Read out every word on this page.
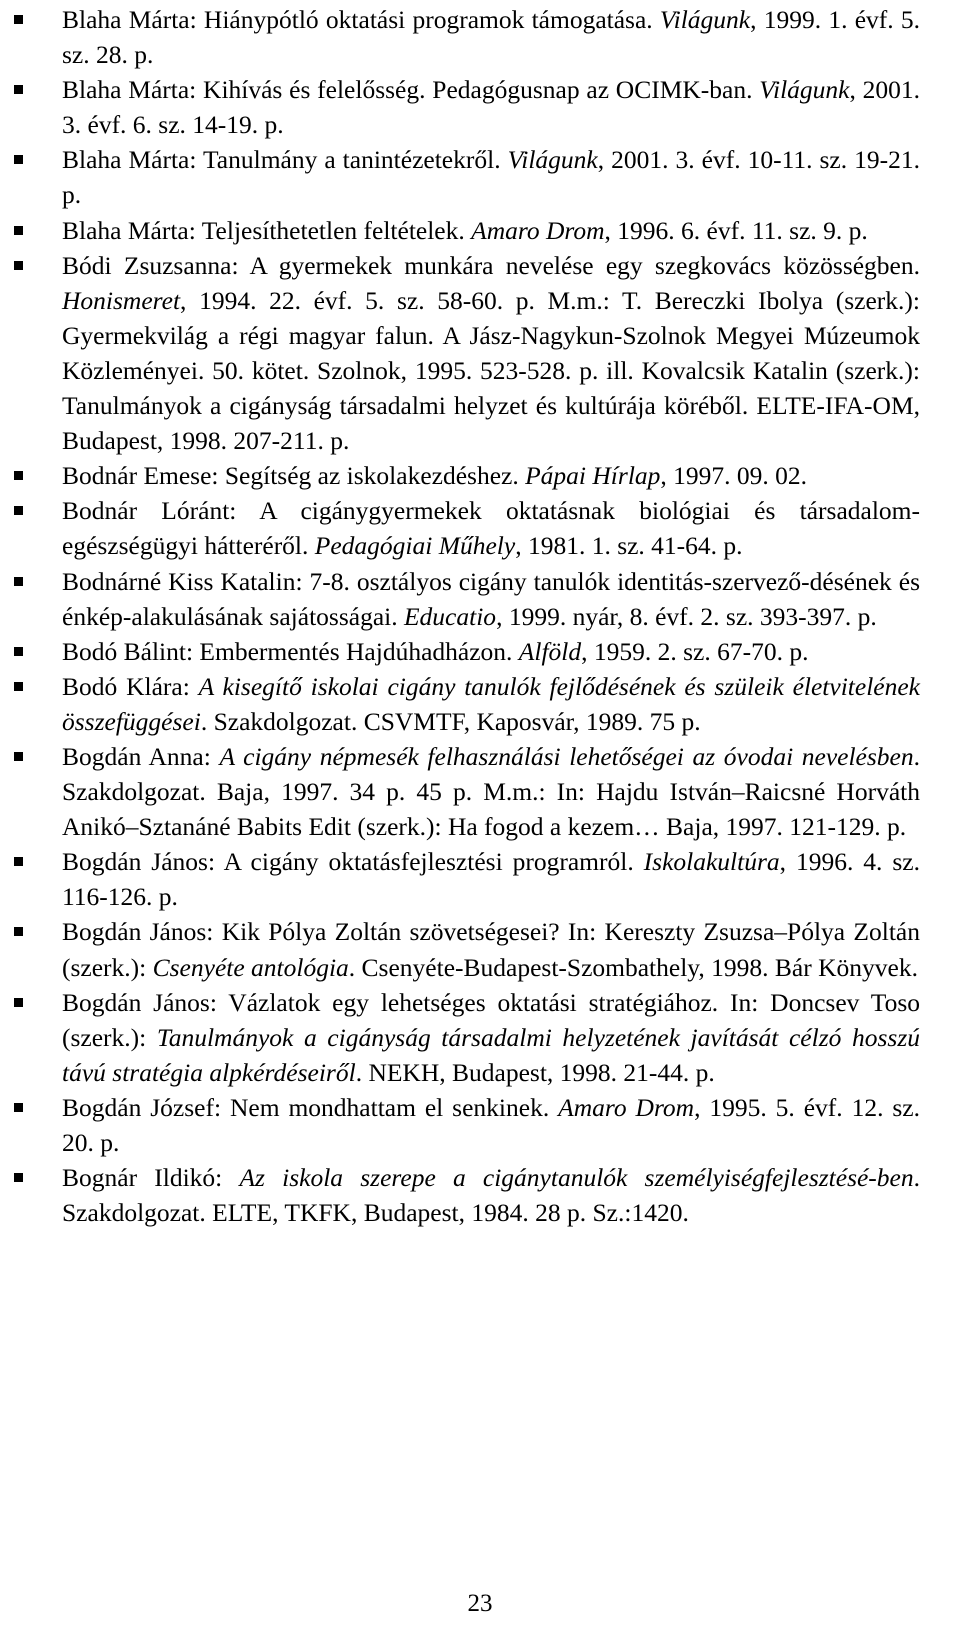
Blaha Márta: Hiánypótló oktatási programok támogatása. Világunk, 1999. 1. évf. 5. sz. 28. p.
Blaha Márta: Kihívás és felelősség. Pedagógusnap az OCIMK-ban. Világunk, 2001. 3. évf. 6. sz. 14-19. p.
Blaha Márta: Tanulmány a tanintézetekről. Világunk, 2001. 3. évf. 10-11. sz. 19-21. p.
Blaha Márta: Teljesíthetetlen feltételek. Amaro Drom, 1996. 6. évf. 11. sz. 9. p.
Bódi Zsuzsanna: A gyermekek munkára nevelése egy szegkovács közösségben. Honismeret, 1994. 22. évf. 5. sz. 58-60. p. M.m.: T. Bereczki Ibolya (szerk.): Gyermekvilág a régi magyar falun. A Jász-Nagykun-Szolnok Megyei Múzeumok Közleményei. 50. kötet. Szolnok, 1995. 523-528. p. ill. Kovalcsik Katalin (szerk.): Tanulmányok a cigányság társadalmi helyzet és kultúrája köréből. ELTE-IFA-OM, Budapest, 1998. 207-211. p.
Bodnár Emese: Segítség az iskolakezdéshez. Pápai Hírlap, 1997. 09. 02.
Bodnár Lóránt: A cigánygyermekek oktatásnak biológiai és társadalom-egészségügyi hátteréről. Pedagógiai Műhely, 1981. 1. sz. 41-64. p.
Bodnárné Kiss Katalin: 7-8. osztályos cigány tanulók identitás-szervező-désének és énkép-alakulásának sajátosságai. Educatio, 1999. nyár, 8. évf. 2. sz. 393-397. p.
Bodó Bálint: Embermentés Hajdúhadházon. Alföld, 1959. 2. sz. 67-70. p.
Bodó Klára: A kisegítő iskolai cigány tanulók fejlődésének és szüleik életvitelének összefüggései. Szakdolgozat. CSVMTF, Kaposvár, 1989. 75 p.
Bogdán Anna: A cigány népmesék felhasználási lehetőségei az óvodai nevelésben. Szakdolgozat. Baja, 1997. 34 p. 45 p. M.m.: In: Hajdu István–Raicsné Horváth Anikó–Sztanáné Babits Edit (szerk.): Ha fogod a kezem… Baja, 1997. 121-129. p.
Bogdán János: A cigány oktatásfejlesztési programról. Iskolakultúra, 1996. 4. sz. 116-126. p.
Bogdán János: Kik Pólya Zoltán szövetségesei? In: Kereszty Zsuzsa–Pólya Zoltán (szerk.): Csenyéte antológia. Csenyéte-Budapest-Szombathely, 1998. Bár Könyvek.
Bogdán János: Vázlatok egy lehetséges oktatási stratégiához. In: Doncsev Toso (szerk.): Tanulmányok a cigányság társadalmi helyzetének javítását célzó hosszú távú stratégia alpkérdéseiről. NEKH, Budapest, 1998. 21-44. p.
Bogdán József: Nem mondhattam el senkinek. Amaro Drom, 1995. 5. évf. 12. sz. 20. p.
Bognár Ildikó: Az iskola szerepe a cigánytanulók személyiségfejlesztésé-ben. Szakdolgozat. ELTE, TKFK, Budapest, 1984. 28 p. Sz.:1420.
23
